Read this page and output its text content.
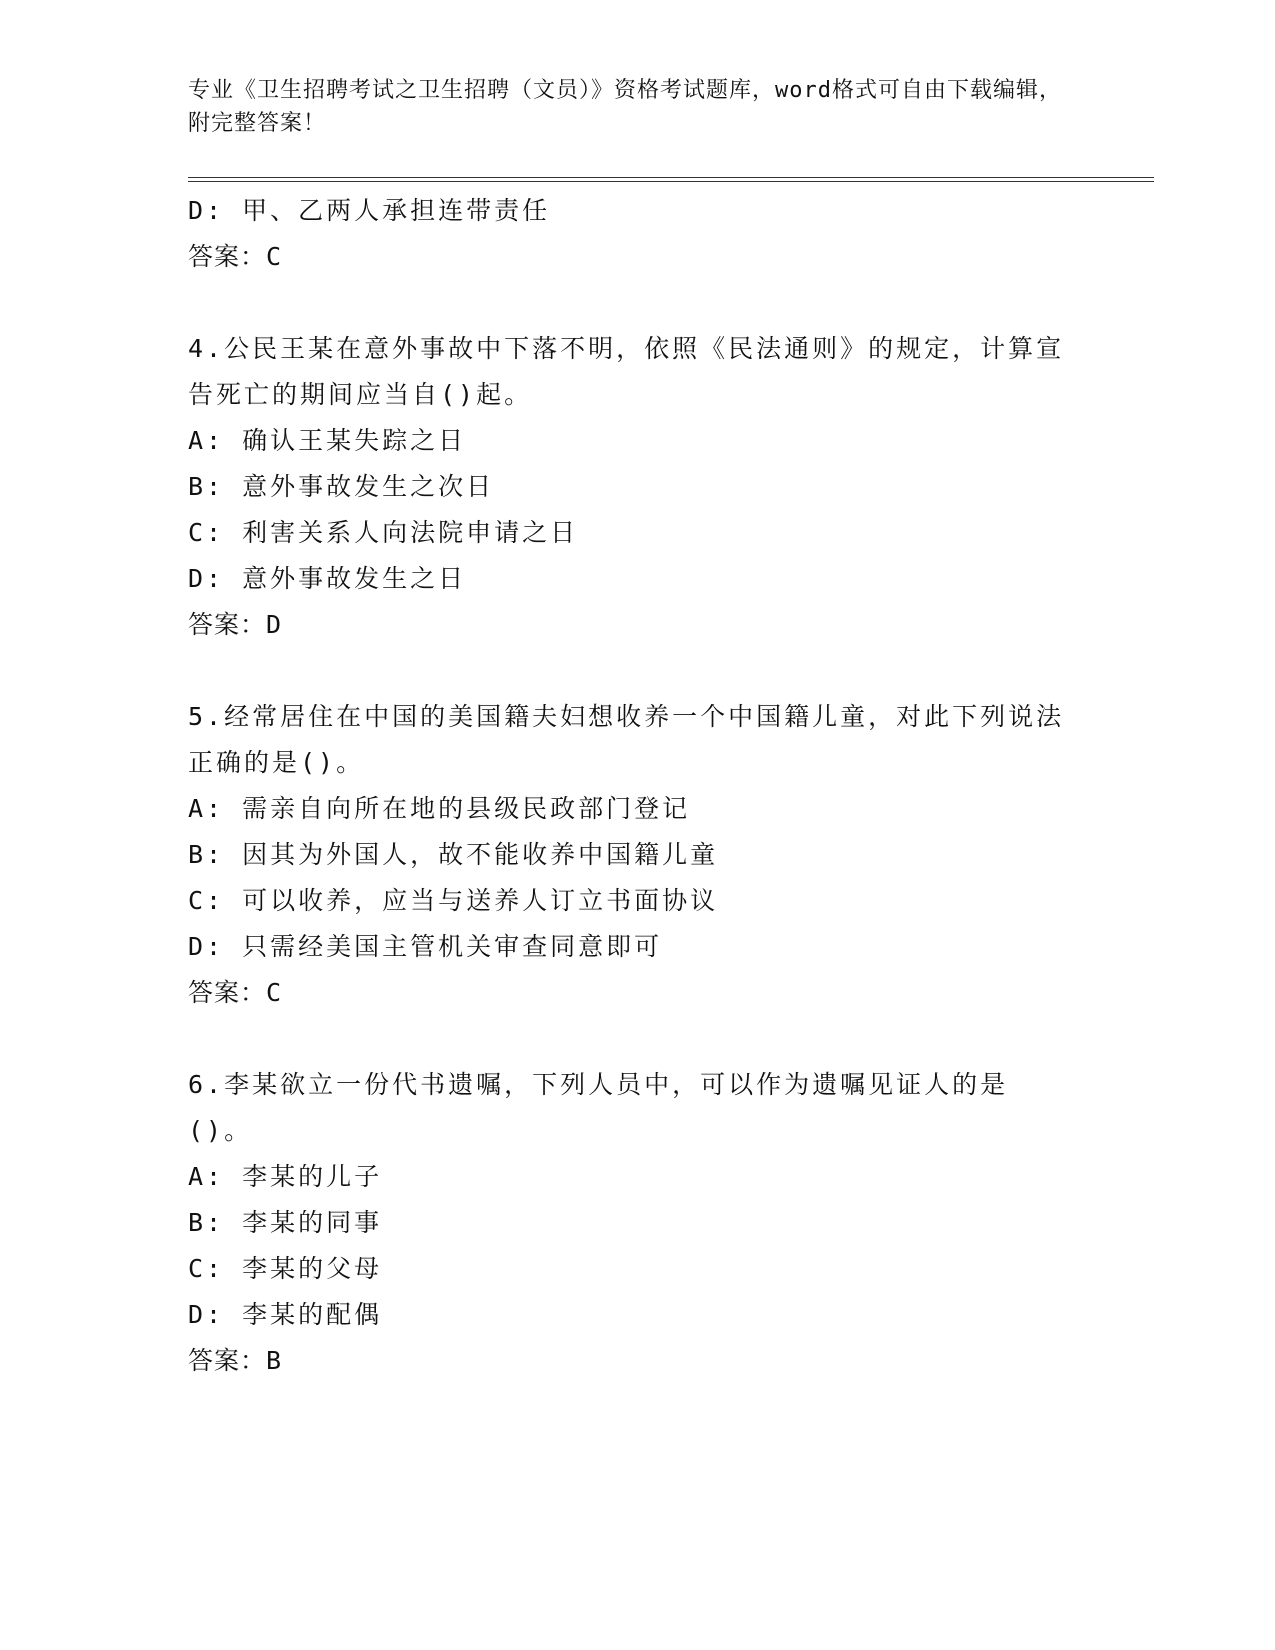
专业《卫生招聘考试之卫生招聘（文员）》资格考试题库，word格式可自由下载编辑，附完整答案！
D: 甲、乙两人承担连带责任
答案：C
4.公民王某在意外事故中下落不明，依照《民法通则》的规定，计算宣告死亡的期间应当自()起。
A: 确认王某失踪之日
B: 意外事故发生之次日
C: 利害关系人向法院申请之日
D: 意外事故发生之日
答案：D
5.经常居住在中国的美国籍夫妇想收养一个中国籍儿童，对此下列说法正确的是()。
A: 需亲自向所在地的县级民政部门登记
B: 因其为外国人，故不能收养中国籍儿童
C: 可以收养，应当与送养人订立书面协议
D: 只需经美国主管机关审查同意即可
答案：C
6.李某欲立一份代书遗嘱，下列人员中，可以作为遗嘱见证人的是()。
A: 李某的儿子
B: 李某的同事
C: 李某的父母
D: 李某的配偶
答案：B
